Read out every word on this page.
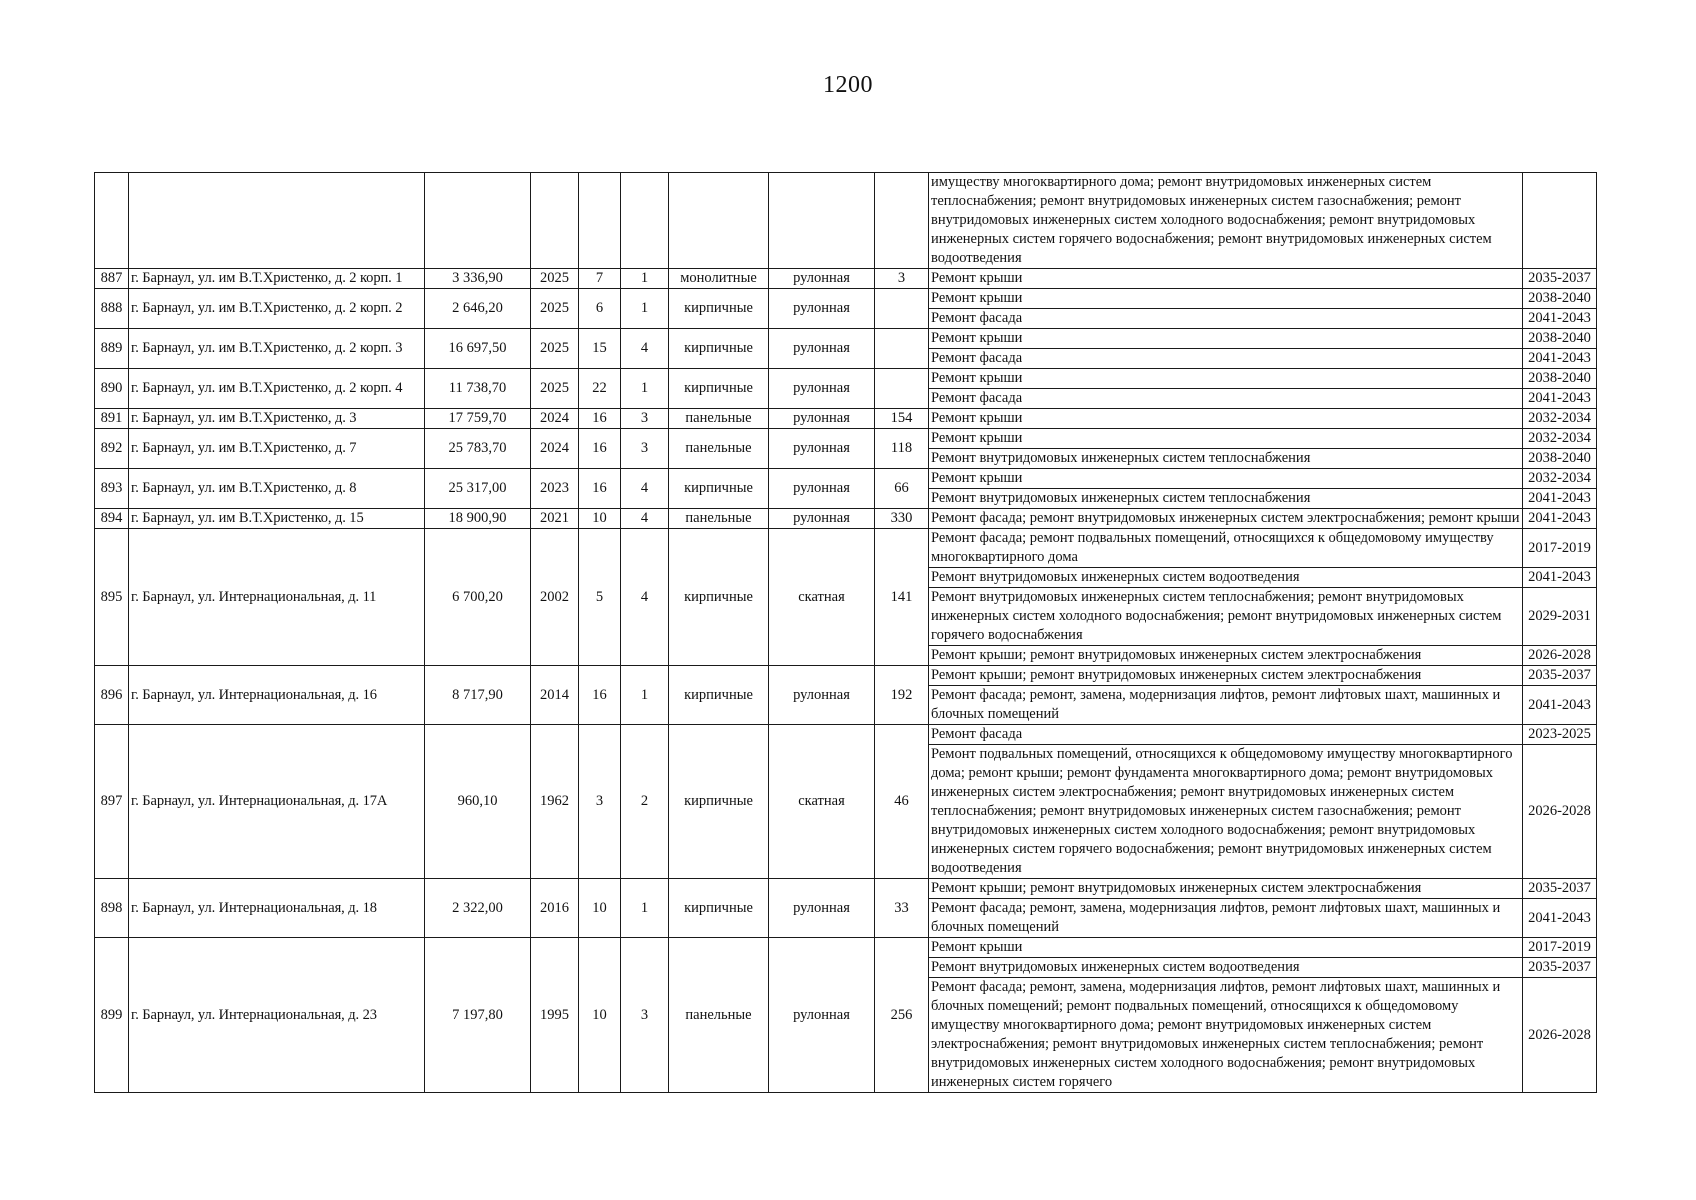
1200
									имуществу многоквартирного дома; ремонт внутридомовых инженерных систем теплоснабжения; ремонт внутридомовых инженерных систем газоснабжения; ремонт внутридомовых инженерных систем холодного водоснабжения; ремонт внутридомовых инженерных систем горячего водоснабжения; ремонт внутридомовых инженерных систем водоотведения	
887	г. Барнаул, ул. им В.Т.Христенко, д. 2 корп. 1	3 336,90	2025	7	1	монолитные	рулонная	3	Ремонт крыши	2035-2037
888	г. Барнаул, ул. им В.Т.Христенко, д. 2 корп. 2	2 646,20	2025	6	1	кирпичные	рулонная		Ремонт крыши	2038-2040
									Ремонт фасада	2041-2043
889	г. Барнаул, ул. им В.Т.Христенко, д. 2 корп. 3	16 697,50	2025	15	4	кирпичные	рулонная		Ремонт крыши	2038-2040
									Ремонт фасада	2041-2043
890	г. Барнаул, ул. им В.Т.Христенко, д. 2 корп. 4	11 738,70	2025	22	1	кирпичные	рулонная		Ремонт крыши	2038-2040
									Ремонт фасада	2041-2043
891	г. Барнаул, ул. им В.Т.Христенко, д. 3	17 759,70	2024	16	3	панельные	рулонная	154	Ремонт крыши	2032-2034
892	г. Барнаул, ул. им В.Т.Христенко, д. 7	25 783,70	2024	16	3	панельные	рулонная	118	Ремонт крыши	2032-2034
									Ремонт внутридомовых инженерных систем теплоснабжения	2038-2040
893	г. Барнаул, ул. им В.Т.Христенко, д. 8	25 317,00	2023	16	4	кирпичные	рулонная	66	Ремонт крыши	2032-2034
									Ремонт внутридомовых инженерных систем теплоснабжения	2041-2043
894	г. Барнаул, ул. им В.Т.Христенко, д. 15	18 900,90	2021	10	4	панельные	рулонная	330	Ремонт фасада; ремонт внутридомовых инженерных систем электроснабжения; ремонт крыши	2041-2043
895	г. Барнаул, ул. Интернациональная, д. 11	6 700,20	2002	5	4	кирпичные	скатная	141	Ремонт фасада; ремонт подвальных помещений, относящихся к общедомовому имуществу многоквартирного дома	2017-2019
									Ремонт внутридомовых инженерных систем водоотведения	2041-2043
									Ремонт внутридомовых инженерных систем теплоснабжения; ремонт внутридомовых инженерных систем холодного водоснабжения; ремонт внутридомовых инженерных систем горячего водоснабжения	2029-2031
									Ремонт крыши; ремонт внутридомовых инженерных систем электроснабжения	2026-2028
896	г. Барнаул, ул. Интернациональная, д. 16	8 717,90	2014	16	1	кирпичные	рулонная	192	Ремонт крыши; ремонт внутридомовых инженерных систем электроснабжения	2035-2037
									Ремонт фасада; ремонт, замена, модернизация лифтов, ремонт лифтовых шахт, машинных и блочных помещений	2041-2043
897	г. Барнаул, ул. Интернациональная, д. 17А	960,10	1962	3	2	кирпичные	скатная	46	Ремонт фасада	2023-2025
									Ремонт подвальных помещений, относящихся к общедомовому имуществу многоквартирного дома; ремонт крыши; ремонт фундамента многоквартирного дома; ремонт внутридомовых инженерных систем электроснабжения; ремонт внутридомовых инженерных систем теплоснабжения; ремонт внутридомовых инженерных систем газоснабжения; ремонт внутридомовых инженерных систем холодного водоснабжения; ремонт внутридомовых инженерных систем горячего водоснабжения; ремонт внутридомовых инженерных систем водоотведения	2026-2028
898	г. Барнаул, ул. Интернациональная, д. 18	2 322,00	2016	10	1	кирпичные	рулонная	33	Ремонт крыши; ремонт внутридомовых инженерных систем электроснабжения	2035-2037
									Ремонт фасада; ремонт, замена, модернизация лифтов, ремонт лифтовых шахт, машинных и блочных помещений	2041-2043
899	г. Барнаул, ул. Интернациональная, д. 23	7 197,80	1995	10	3	панельные	рулонная	256	Ремонт крыши	2017-2019
									Ремонт внутридомовых инженерных систем водоотведения	2035-2037
									Ремонт фасада; ремонт, замена, модернизация лифтов, ремонт лифтовых шахт, машинных и блочных помещений; ремонт подвальных помещений, относящихся к общедомовому имуществу многоквартирного дома; ремонт внутридомовых инженерных систем электроснабжения; ремонт внутридомовых инженерных систем теплоснабжения; ремонт внутридомовых инженерных систем холодного водоснабжения; ремонт внутридомовых инженерных систем горячего	2026-2028
